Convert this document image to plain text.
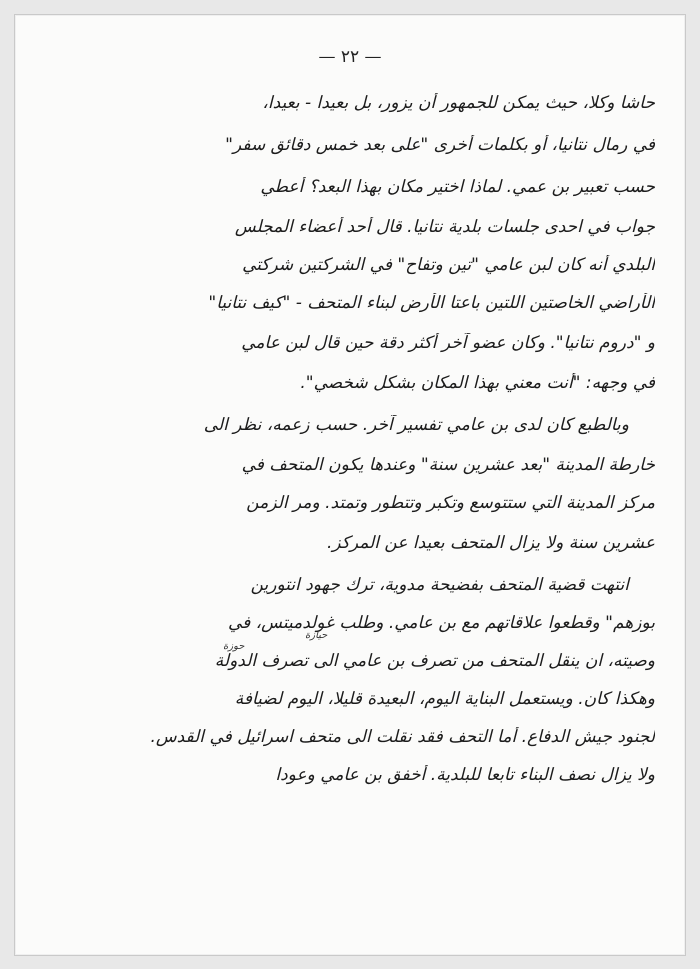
— ٢٢ —
حاشا وكلا، حيث يمكن للجمهور أن يزور، بل بعيدا - بعيدا،
في رمال نتانيا، أو بكلمات أخرى "على بعد خمس دقائق سفر"
حسب تعبير بن عمي. لماذا اختير مكان بهذا البعد؟ أعطي
جواب في احدى جلسات بلدية نتانيا. قال أحد أعضاء المجلس
البلدي أنه كان لبن عامي "تين وتفاح" في الشركتين شركتي
الأراضي الخاصتين اللتين باعتا الأرض لبناء المتحف - "كيف نتانيا"
و "دروم نتانيا". وكان عضو آخر أكثر دقة حين قال لبن عامي
في وجهه: "أنت معني بهذا المكان بشكل شخصي".
وبالطبع كان لدى بن عامي تفسير آخر. حسب زعمه، نظر الى
خارطة المدينة "بعد عشرين سنة" وعندها يكون المتحف في
مركز المدينة التي ستتوسع وتكبر وتتطور وتمتد. ومر الزمن
عشرين سنة ولا يزال المتحف بعيدا عن المركز.
انتهت قضية المتحف بفضيحة مدوية، ترك جهود انتورين
بوزهم" وقطعوا علاقاتهم مع بن عامي. وطلب غولدميتس، في
حيازة
حوزة
وصيته، ان ينقل المتحف من تصرف بن عامي الى تصرف الدولة
وهكذا كان. ويستعمل البناية اليوم، البعيدة قليلا، اليوم لضيافة
لجنود جيش الدفاع. أما التحف فقد نقلت الى متحف اسرائيل في القدس.
ولا يزال نصف البناء تابعا للبلدية. أخفق بن عامي وعودا
